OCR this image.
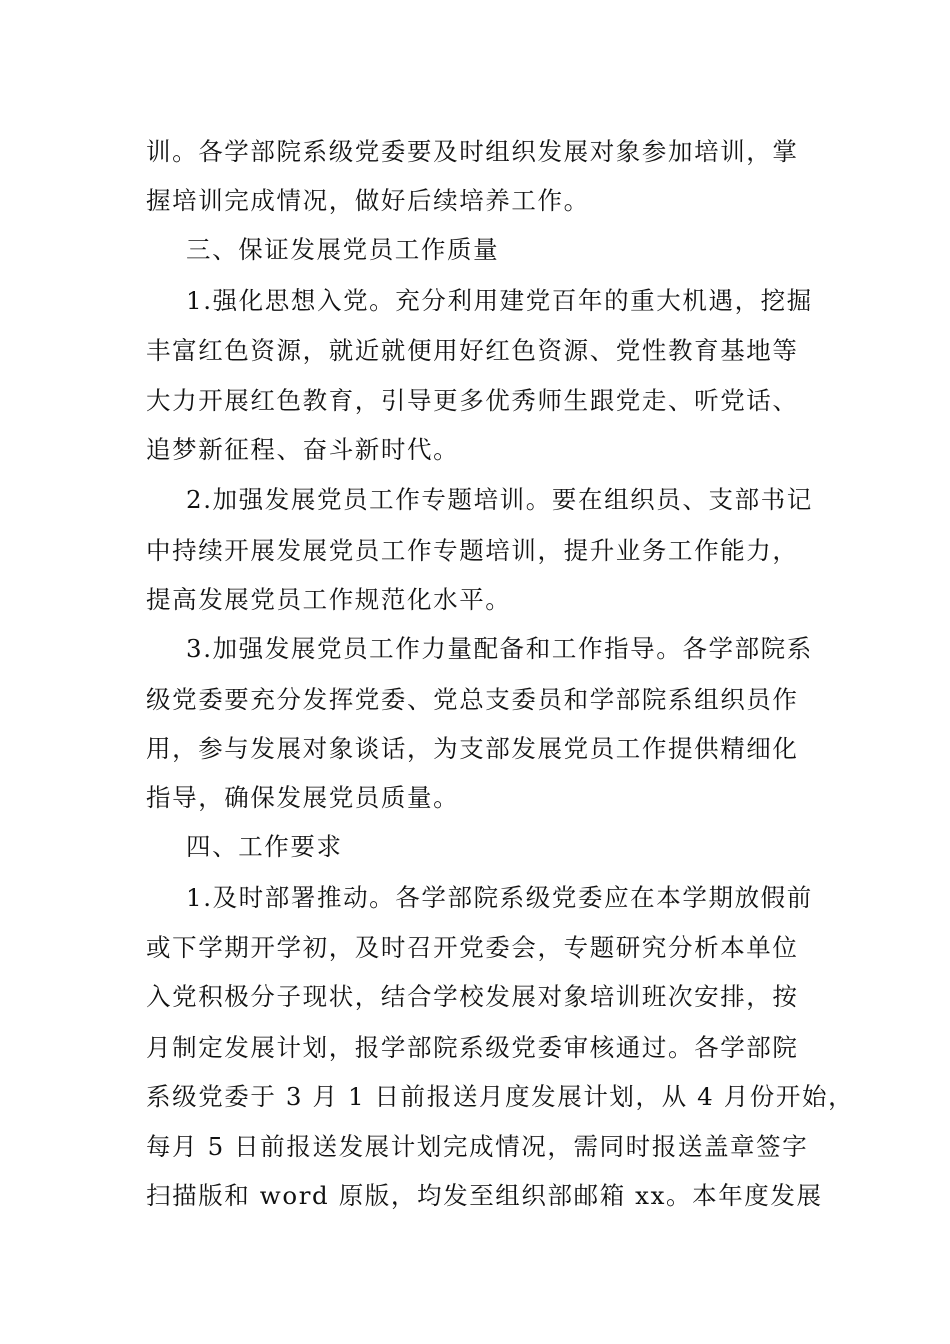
训。各学部院系级党委要及时组织发展对象参加培训，掌
握培训完成情况，做好后续培养工作。
三、保证发展党员工作质量
1.强化思想入党。充分利用建党百年的重大机遇，挖掘
丰富红色资源，就近就便用好红色资源、党性教育基地等
大力开展红色教育，引导更多优秀师生跟党走、听党话、
追梦新征程、奋斗新时代。
2.加强发展党员工作专题培训。要在组织员、支部书记
中持续开展发展党员工作专题培训，提升业务工作能力，
提高发展党员工作规范化水平。
3.加强发展党员工作力量配备和工作指导。各学部院系
级党委要充分发挥党委、党总支委员和学部院系组织员作
用，参与发展对象谈话，为支部发展党员工作提供精细化
指导，确保发展党员质量。
四、工作要求
1.及时部署推动。各学部院系级党委应在本学期放假前
或下学期开学初，及时召开党委会，专题研究分析本单位
入党积极分子现状，结合学校发展对象培训班次安排，按
月制定发展计划，报学部院系级党委审核通过。各学部院
系级党委于 3 月 1 日前报送月度发展计划，从 4 月份开始，
每月 5 日前报送发展计划完成情况，需同时报送盖章签字
扫描版和 word 原版，均发至组织部邮箱 xx。本年度发展
